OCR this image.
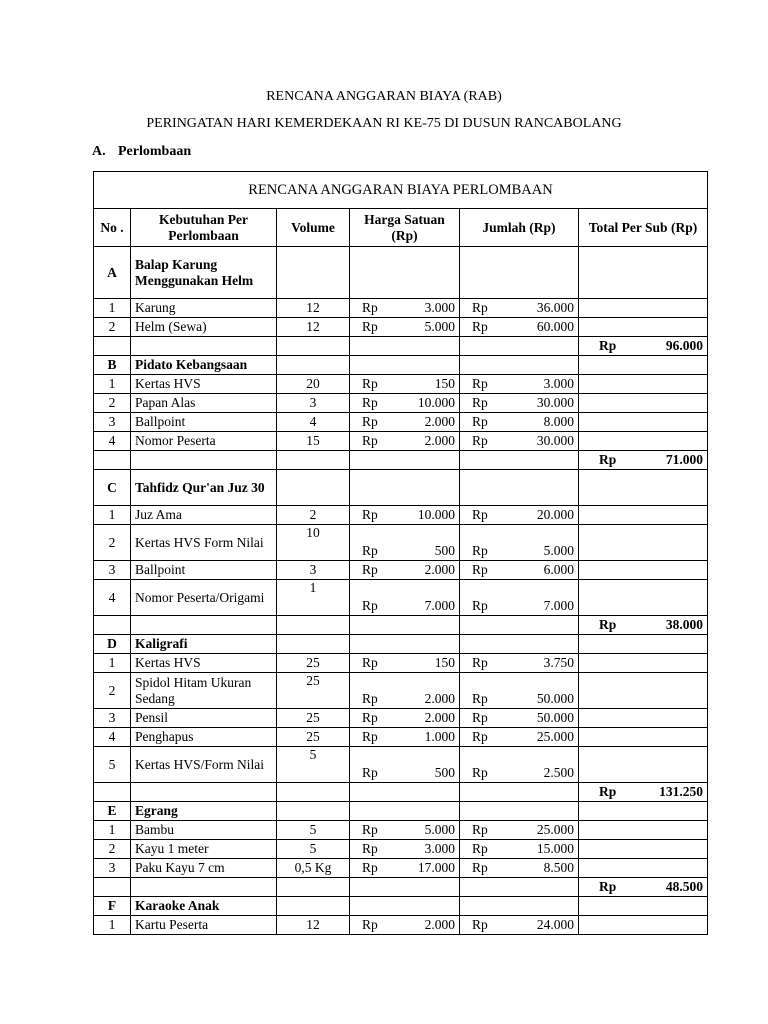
RENCANA ANGGARAN BIAYA (RAB)
PERINGATAN HARI KEMERDEKAAN RI KE-75 DI DUSUN RANCABOLANG
A. Perlombaan
RENCANA ANGGARAN BIAYA PERLOMBAAN					
No .	Kebutuhan Per Perlombaan	Volume	Harga Satuan (Rp)	Jumlah (Rp)	Total Per Sub (Rp)
A	Balap Karung Menggunakan Helm				
1	Karung	12	Rp 3.000	Rp 36.000	

2	Helm (Sewa)	12	Rp 5.000	Rp 60.000	

					Rp 96.000

B	Pidato Kebangsaan				
1	Kertas HVS	20	Rp 150	Rp 3.000	

2	Papan Alas	3	Rp 10.000	Rp 30.000	

3	Ballpoint	4	Rp 2.000	Rp 8.000	

4	Nomor Peserta	15	Rp 2.000	Rp 30.000	

					Rp 71.000

C	Tahfidz Qur'an Juz 30				
1	Juz Ama	2	Rp 10.000	Rp 20.000	

2	Kertas HVS Form Nilai	10	Rp 500	Rp 5.000	

3	Ballpoint	3	Rp 2.000	Rp 6.000	

4	Nomor Peserta/Origami	1	Rp 7.000	Rp 7.000	

					Rp 38.000

D	Kaligrafi				
1	Kertas HVS	25	Rp 150	Rp 3.750	

2	Spidol Hitam Ukuran Sedang	25	Rp 2.000	Rp 50.000	

3	Pensil	25	Rp 2.000	Rp 50.000	

4	Penghapus	25	Rp 1.000	Rp 25.000	

5	Kertas HVS/Form Nilai	5	Rp 500	Rp 2.500	

					Rp 131.250

E	Egrang				
1	Bambu	5	Rp 5.000	Rp 25.000	

2	Kayu 1 meter	5	Rp 3.000	Rp 15.000	

3	Paku Kayu 7 cm	0,5 Kg	Rp 17.000	Rp 8.500	

					Rp 48.500

F	Karaoke Anak				
1	Kartu Peserta	12	Rp 2.000	Rp 24.000	
